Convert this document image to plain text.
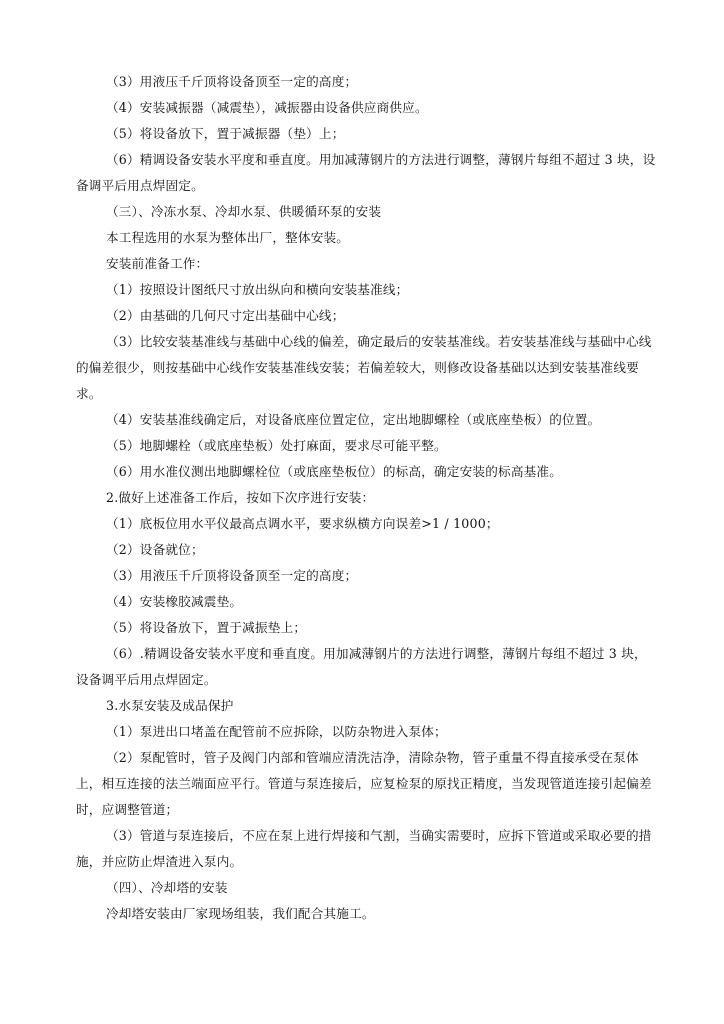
（3）用液压千斤顶将设备顶至一定的高度；
（4）安装减振器（减震垫），减振器由设备供应商供应。
（5）将设备放下，置于减振器（垫）上；
（6）精调设备安装水平度和垂直度。用加减薄钢片的方法进行调整，薄钢片每组不超过 3 块，设
备调平后用点焊固定。
（三）、冷冻水泵、冷却水泵、供暖循环泵的安装
本工程选用的水泵为整体出厂，整体安装。
安装前准备工作：
（1）按照设计图纸尺寸放出纵向和横向安装基准线；
（2）由基础的几何尺寸定出基础中心线；
（3）比较安装基准线与基础中心线的偏差，确定最后的安装基准线。若安装基准线与基础中心线
的偏差很少，则按基础中心线作安装基准线安装；若偏差较大，则修改设备基础以达到安装基准线要
求。
（4）安装基准线确定后，对设备底座位置定位，定出地脚螺栓（或底座垫板）的位置。
（5）地脚螺栓（或底座垫板）处打麻面，要求尽可能平整。
（6）用水准仪测出地脚螺栓位（或底座垫板位）的标高，确定安装的标高基准。
2.做好上述准备工作后，按如下次序进行安装：
（1）底板位用水平仪最高点调水平，要求纵横方向误差>1 / 1000；
（2）设备就位；
（3）用液压千斤顶将设备顶至一定的高度；
（4）安装橡胶减震垫。
（5）将设备放下，置于减振垫上；
（6）.精调设备安装水平度和垂直度。用加减薄钢片的方法进行调整，薄钢片每组不超过 3 块，
设备调平后用点焊固定。
3.水泵安装及成品保护
（1）泵进出口堵盖在配管前不应拆除，以防杂物进入泵体；
（2）泵配管时，管子及阀门内部和管端应清洗洁净，清除杂物，管子重量不得直接承受在泵体
上，相互连接的法兰端面应平行。管道与泵连接后，应复检泵的原找正精度，当发现管道连接引起偏差
时，应调整管道；
（3）管道与泵连接后，不应在泵上进行焊接和气割，当确实需要时，应拆下管道或采取必要的措
施，并应防止焊渣进入泵内。
（四）、冷却塔的安装
冷却塔安装由厂家现场组装，我们配合其施工。
